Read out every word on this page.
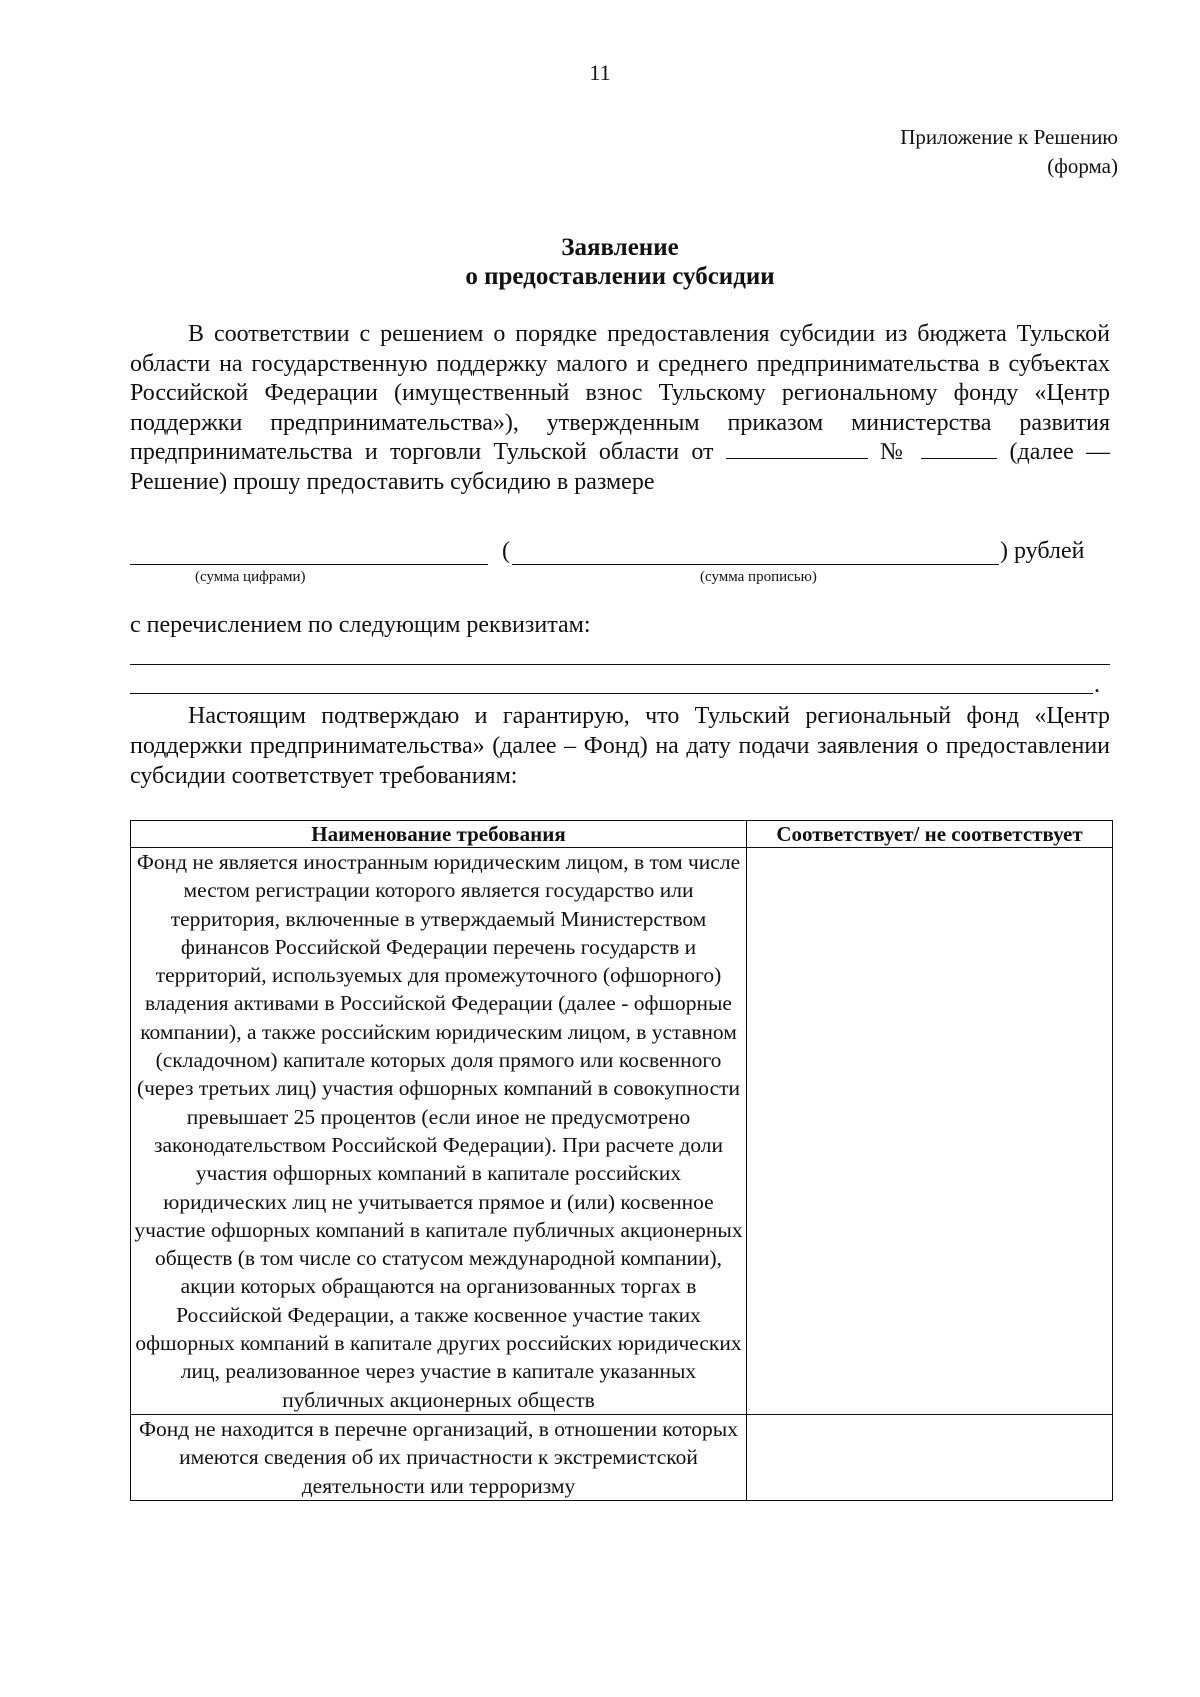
11
Приложение к Решению
(форма)
Заявление
о предоставлении субсидии

В соответствии с решением о порядке предоставления субсидии из бюджета Тульской области на государственную поддержку малого и среднего предпринимательства в субъектах Российской Федерации (имущественный взнос Тульскому региональному фонду «Центр поддержки предпринимательства»), утвержденным приказом министерства развития предпринимательства и торговли Тульской области от	№	(далее — Решение) прошу предоставить субсидию в размере

(	) рублей
(сумма цифрами)	(сумма прописью)
с перечислением по следующим реквизитам:
.

Настоящим подтверждаю и гарантирую, что Тульский региональный фонд «Центр поддержки предпринимательства» (далее – Фонд) на дату подачи заявления о предоставлении субсидии соответствует требованиям:

Наименование требования	Соответствует/ не соответствует
Фонд не является иностранным юридическим лицом, в том числе местом регистрации которого является государство или территория, включенные в утверждаемый Министерством финансов Российской Федерации перечень государств и территорий, используемых для промежуточного (офшорного) владения активами в Российской Федерации (далее - офшорные компании), а также российским юридическим лицом, в уставном (складочном) капитале которых доля прямого или косвенного (через третьих лиц) участия офшорных компаний в совокупности превышает 25 процентов (если иное не предусмотрено законодательством Российской Федерации). При расчете доли участия офшорных компаний в капитале российских юридических лиц не учитывается прямое и (или) косвенное участие офшорных компаний в капитале публичных акционерных обществ (в том числе со статусом международной компании), акции которых обращаются на организованных торгах в Российской Федерации, а также косвенное участие таких офшорных компаний в капитале других российских юридических лиц, реализованное через участие в капитале указанных публичных акционерных обществ	
Фонд не находится в перечне организаций, в отношении которых имеются сведения об их причастности к экстремистской деятельности или терроризму	
